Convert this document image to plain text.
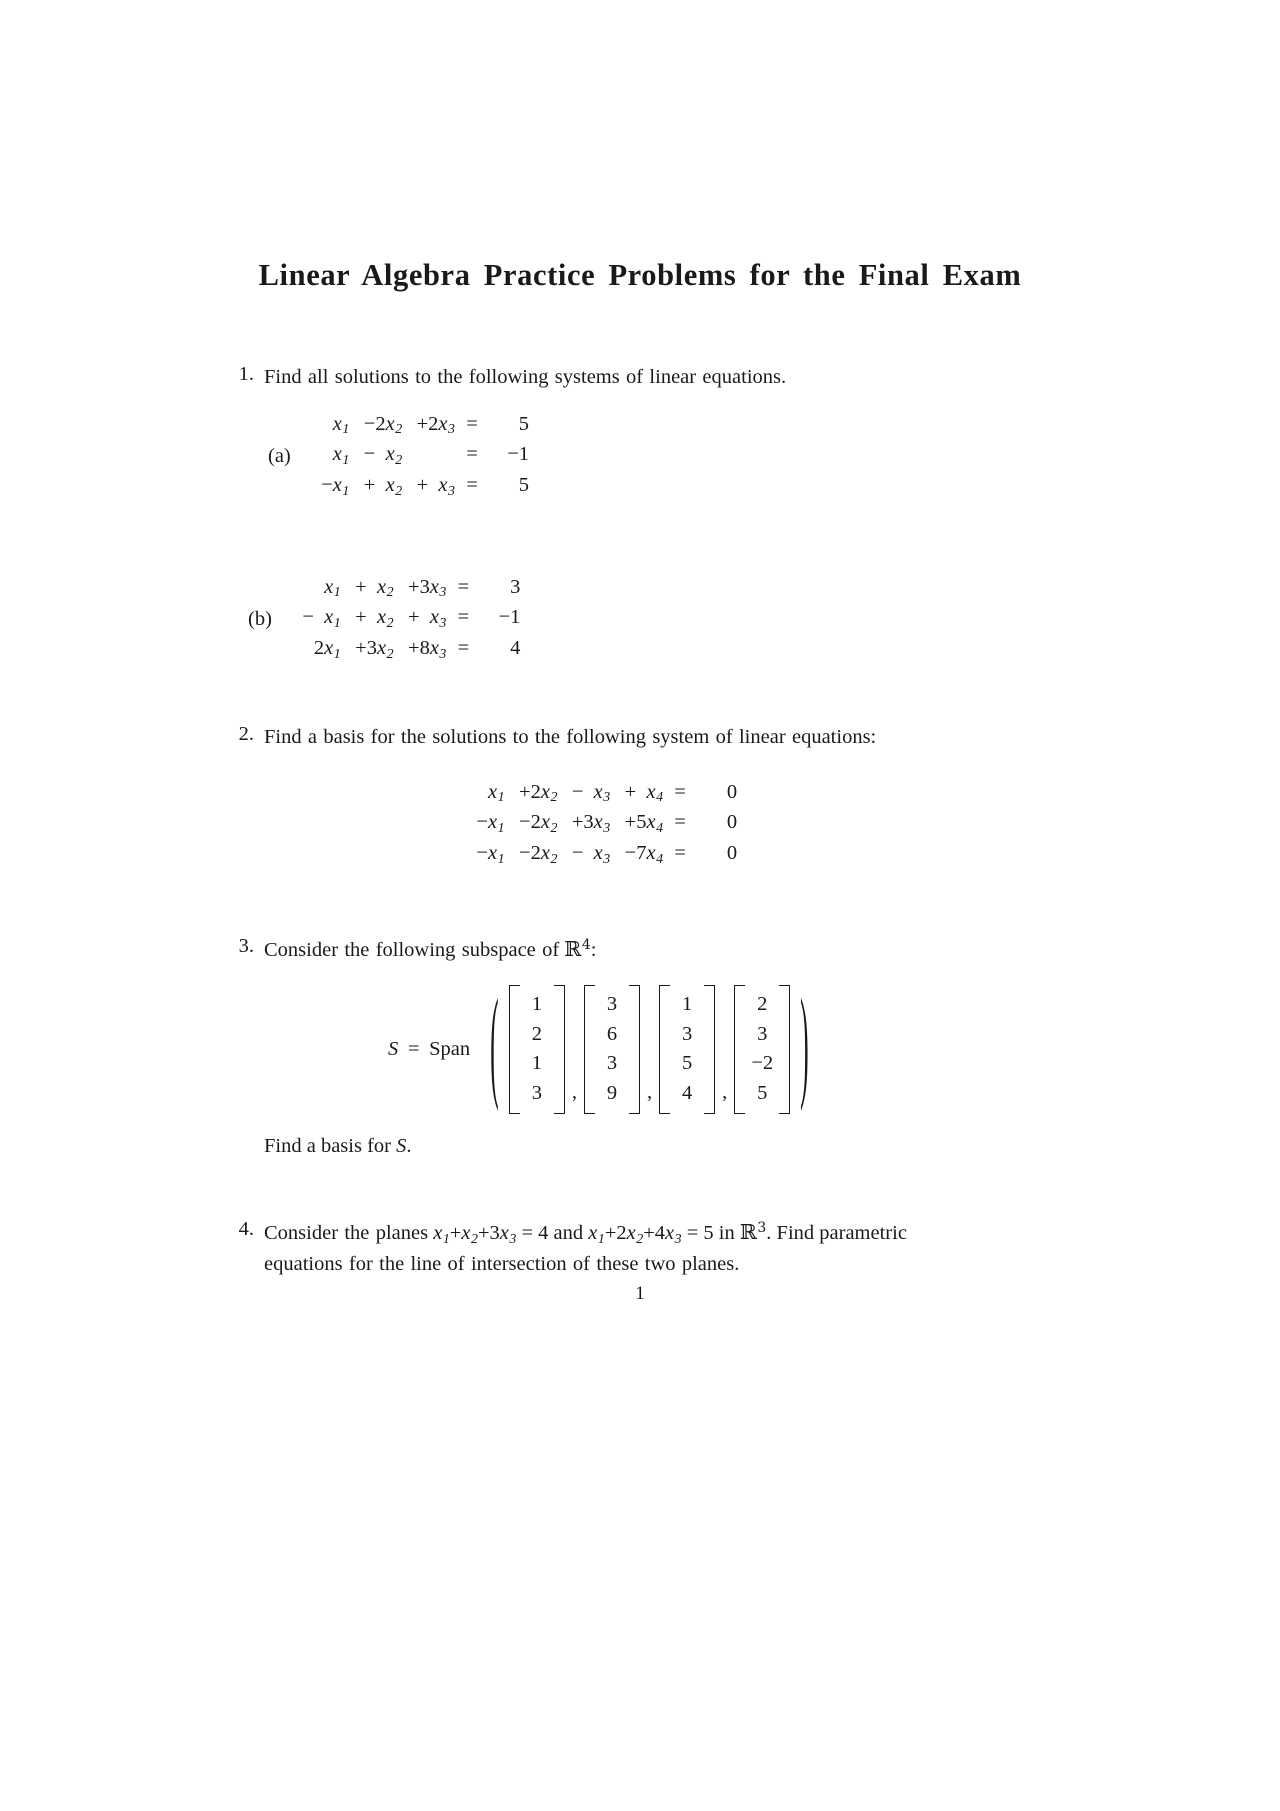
Linear Algebra Practice Problems for the Final Exam
1. Find all solutions to the following systems of linear equations.
(a)
	$x_1$	−	$2x_2$	+	$2x_3$	=	5
	$x_1$	−	$x_2$			=	−1
−	$x_1$	+	$x_2$	+	$x_3$	=	5
(b)
	$x_1$	+	$x_2$	+	$3x_3$	=	3
−	$x_1$	+	$x_2$	+	$x_3$	=	−1
	$2x_1$	+	$3x_2$	+	$8x_3$	=	4
2. Find a basis for the solutions to the following system of linear equations:
	$x_1$	+	$2x_2$	−	$x_3$	+	$x_4$	=	0
−	$x_1$	−	$2x_2$	+	$3x_3$	+	$5x_4$	=	0
−	$x_1$	−	$2x_2$	−	$x_3$	−	$7x_4$	=	0
3. Consider the following subspace of ℝ$^4$:
S = Span (	1
2
1
3	,
3
6
3
9	,
1
3
5
4	,
2
3
−2
5	)
Find a basis for S.
4. Consider the planes $x_1+x_2+3x_3 = 4$ and $x_1+2x_2+4x_3 = 5$ in ℝ$^3$. Find parametric equations for the line of intersection of these two planes.
1
